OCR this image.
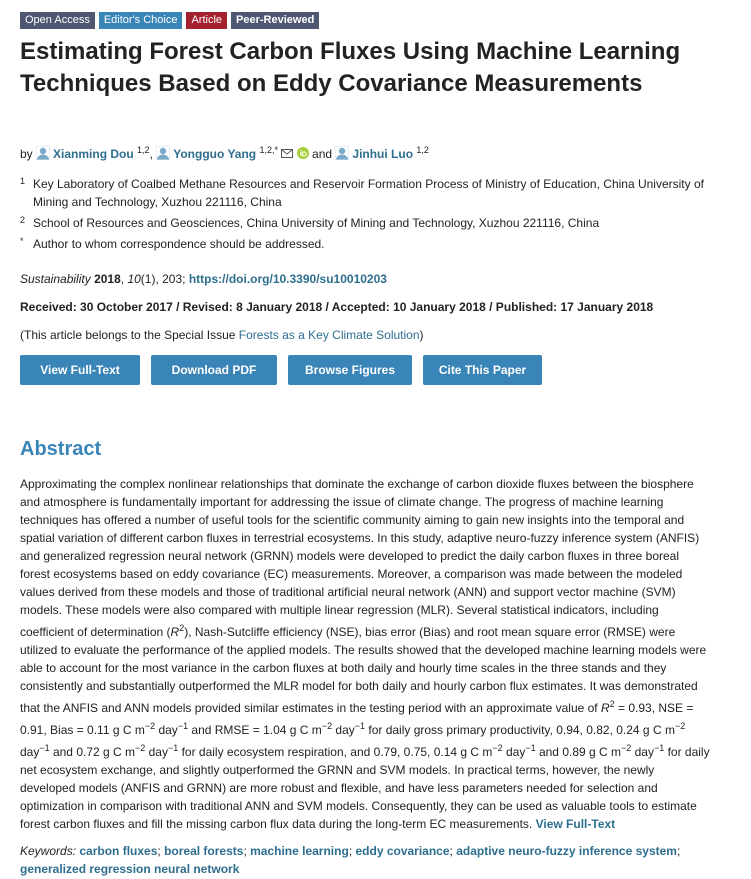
Open Access	Editor's Choice	Article	Peer-Reviewed
Estimating Forest Carbon Fluxes Using Machine Learning Techniques Based on Eddy Covariance Measurements
by Xianming Dou $^{1,2}$, Yongguo Yang $^{1,2,*}$	and Jinhui Luo $^{1,2}$
1 Key Laboratory of Coalbed Methane Resources and Reservoir Formation Process of Ministry of Education, China University of Mining and Technology, Xuzhou 221116, China
2 School of Resources and Geosciences, China University of Mining and Technology, Xuzhou 221116, China
* Author to whom correspondence should be addressed.
Sustainability 2018, 10(1), 203; https://doi.org/10.3390/su10010203
Received: 30 October 2017 / Revised: 8 January 2018 / Accepted: 10 January 2018 / Published: 17 January 2018
(This article belongs to the Special Issue Forests as a Key Climate Solution)
View Full-Text	Download PDF	Browse Figures	Cite This Paper
Abstract
Approximating the complex nonlinear relationships that dominate the exchange of carbon dioxide fluxes between the biosphere and atmosphere is fundamentally important for addressing the issue of climate change. The progress of machine learning techniques has offered a number of useful tools for the scientific community aiming to gain new insights into the temporal and spatial variation of different carbon fluxes in terrestrial ecosystems. In this study, adaptive neuro-fuzzy inference system (ANFIS) and generalized regression neural network (GRNN) models were developed to predict the daily carbon fluxes in three boreal forest ecosystems based on eddy covariance (EC) measurements. Moreover, a comparison was made between the modeled values derived from these models and those of traditional artificial neural network (ANN) and support vector machine (SVM) models. These models were also compared with multiple linear regression (MLR). Several statistical indicators, including coefficient of determination $(R^2)$, Nash-Sutcliffe efficiency (NSE), bias error (Bias) and root mean square error (RMSE) were utilized to evaluate the performance of the applied models. The results showed that the developed machine learning models were able to account for the most variance in the carbon fluxes at both daily and hourly time scales in the three stands and they consistently and substantially outperformed the MLR model for both daily and hourly carbon flux estimates. It was demonstrated that the ANFIS and ANN models provided similar estimates in the testing period with an approximate value of $R^2 = 0.93$, NSE = 0.91, Bias = 0.11 g C $m^{-2}$ day$^{-1}$ and RMSE = 1.04 g C $m^{-2}$ day$^{-1}$ for daily gross primary productivity, 0.94, 0.82, 0.24 g C $m^{-2}$ day$^{-1}$ and 0.72 g C $m^{-2}$ day$^{-1}$ for daily ecosystem respiration, and 0.79, 0.75, 0.14 g C $m^{-2}$ day$^{-1}$ and 0.89 g C $m^{-2}$ day$^{-1}$ for daily net ecosystem exchange, and slightly outperformed the GRNN and SVM models. In practical terms, however, the newly developed models (ANFIS and GRNN) are more robust and flexible, and have less parameters needed for selection and optimization in comparison with traditional ANN and SVM models. Consequently, they can be used as valuable tools to estimate forest carbon fluxes and fill the missing carbon flux data during the long-term EC measurements. View Full-Text
Keywords: carbon fluxes; boreal forests; machine learning; eddy covariance; adaptive neuro-fuzzy inference system; generalized regression neural network
